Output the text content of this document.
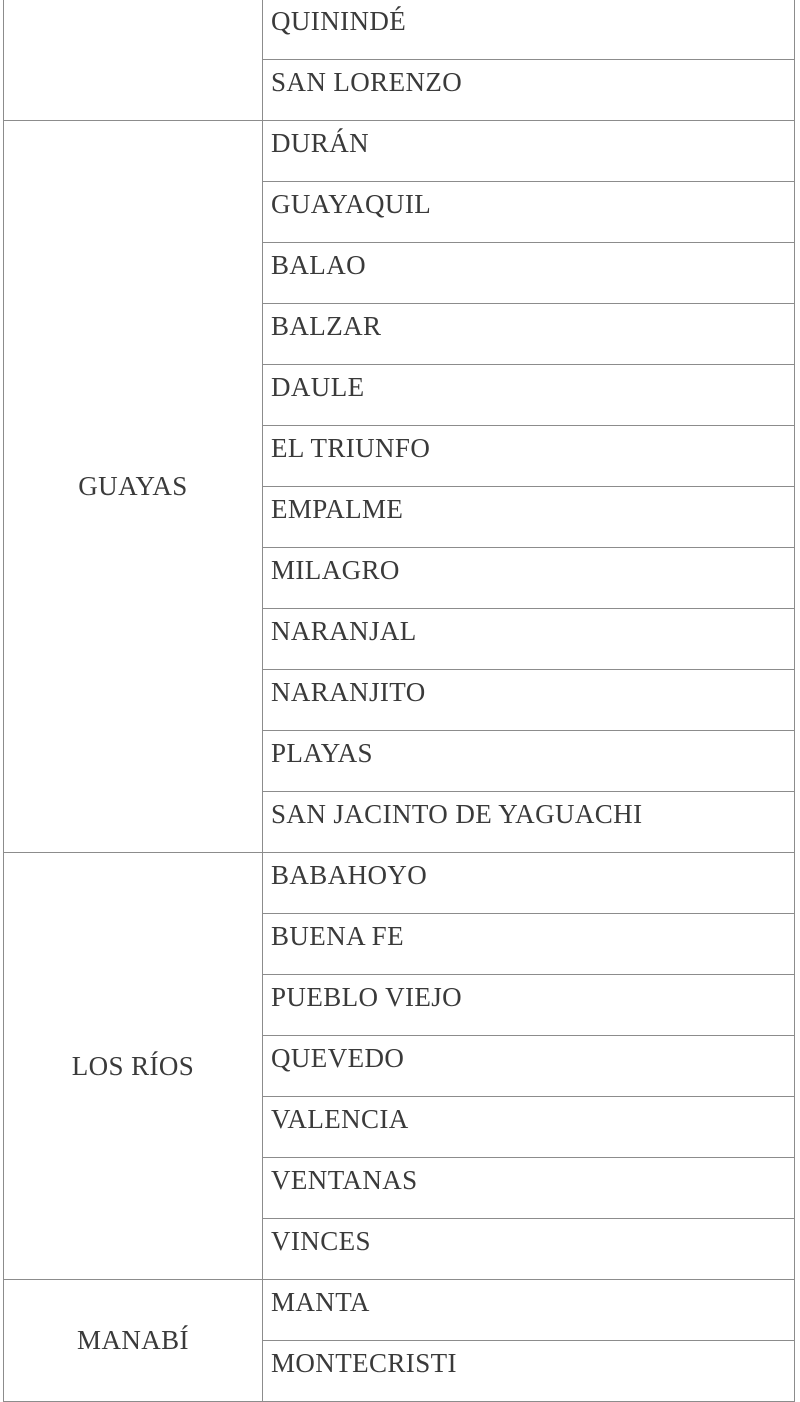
	QUININDÉ

	SAN LORENZO

GUAYAS	DURÁN

	GUAYAQUIL

	BALAO

	BALZAR

	DAULE

	EL TRIUNFO

	EMPALME

	MILAGRO

	NARANJAL

	NARANJITO

	PLAYAS

	SAN JACINTO DE YAGUACHI

LOS RÍOS	BABAHOYO

	BUENA FE

	PUEBLO VIEJO

	QUEVEDO

	VALENCIA

	VENTANAS

	VINCES

MANABÍ	MANTA

	MONTECRISTI
